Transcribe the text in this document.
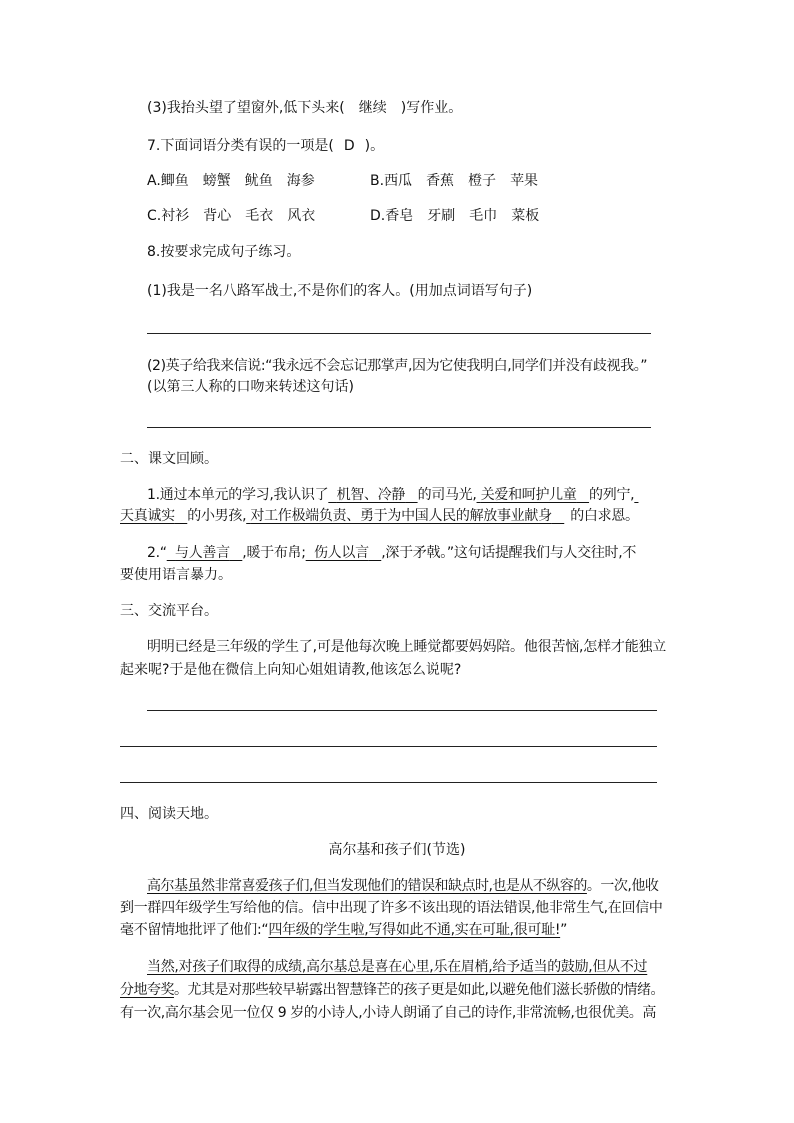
(3)我抬头望了望窗外,低下头来( 继续 )写作业。
7.下面词语分类有误的一项是( D )。
A.鲫鱼 螃蟹 鱿鱼 海参	B.西瓜 香蕉 橙子 苹果
C.衬衫 背心 毛衣 风衣	D.香皂 牙刷 毛巾 菜板
8.按要求完成句子练习。
(1)我是一名八路军战士,不是你们的客人。(用加点词语写句子)
(2)英子给我来信说:“我永远不会忘记那掌声,因为它使我明白,同学们并没有歧视我。”
(以第三人称的口吻来转述这句话)
二、课文回顾。
1.通过本单元的学习,我认识了 机智、冷静 的司马光, 关爱和呵护儿童 的列宁,
天真诚实 的小男孩, 对工作极端负责、勇于为中国人民的解放事业献身 的白求恩。
2.“ 与人善言 ,暖于布帛; 伤人以言 ,深于矛戟。”这句话提醒我们与人交往时,不
要使用语言暴力。
三、交流平台。
明明已经是三年级的学生了,可是他每次晚上睡觉都要妈妈陪。他很苦恼,怎样才能独立
起来呢?于是他在微信上向知心姐姐请教,他该怎么说呢?
四、阅读天地。
高尔基和孩子们(节选)
高尔基虽然非常喜爱孩子们,但当发现他们的错误和缺点时,也是从不纵容的。一次,他收
到一群四年级学生写给他的信。信中出现了许多不该出现的语法错误,他非常生气,在回信中
毫不留情地批评了他们:“四年级的学生啦,写得如此不通,实在可耻,很可耻!”
当然,对孩子们取得的成绩,高尔基总是喜在心里,乐在眉梢,给予适当的鼓励,但从不过
分地夸奖。尤其是对那些较早崭露出智慧锋芒的孩子更是如此,以避免他们滋长骄傲的情绪。
有一次,高尔基会见一位仅 9 岁的小诗人,小诗人朗诵了自己的诗作,非常流畅,也很优美。高
